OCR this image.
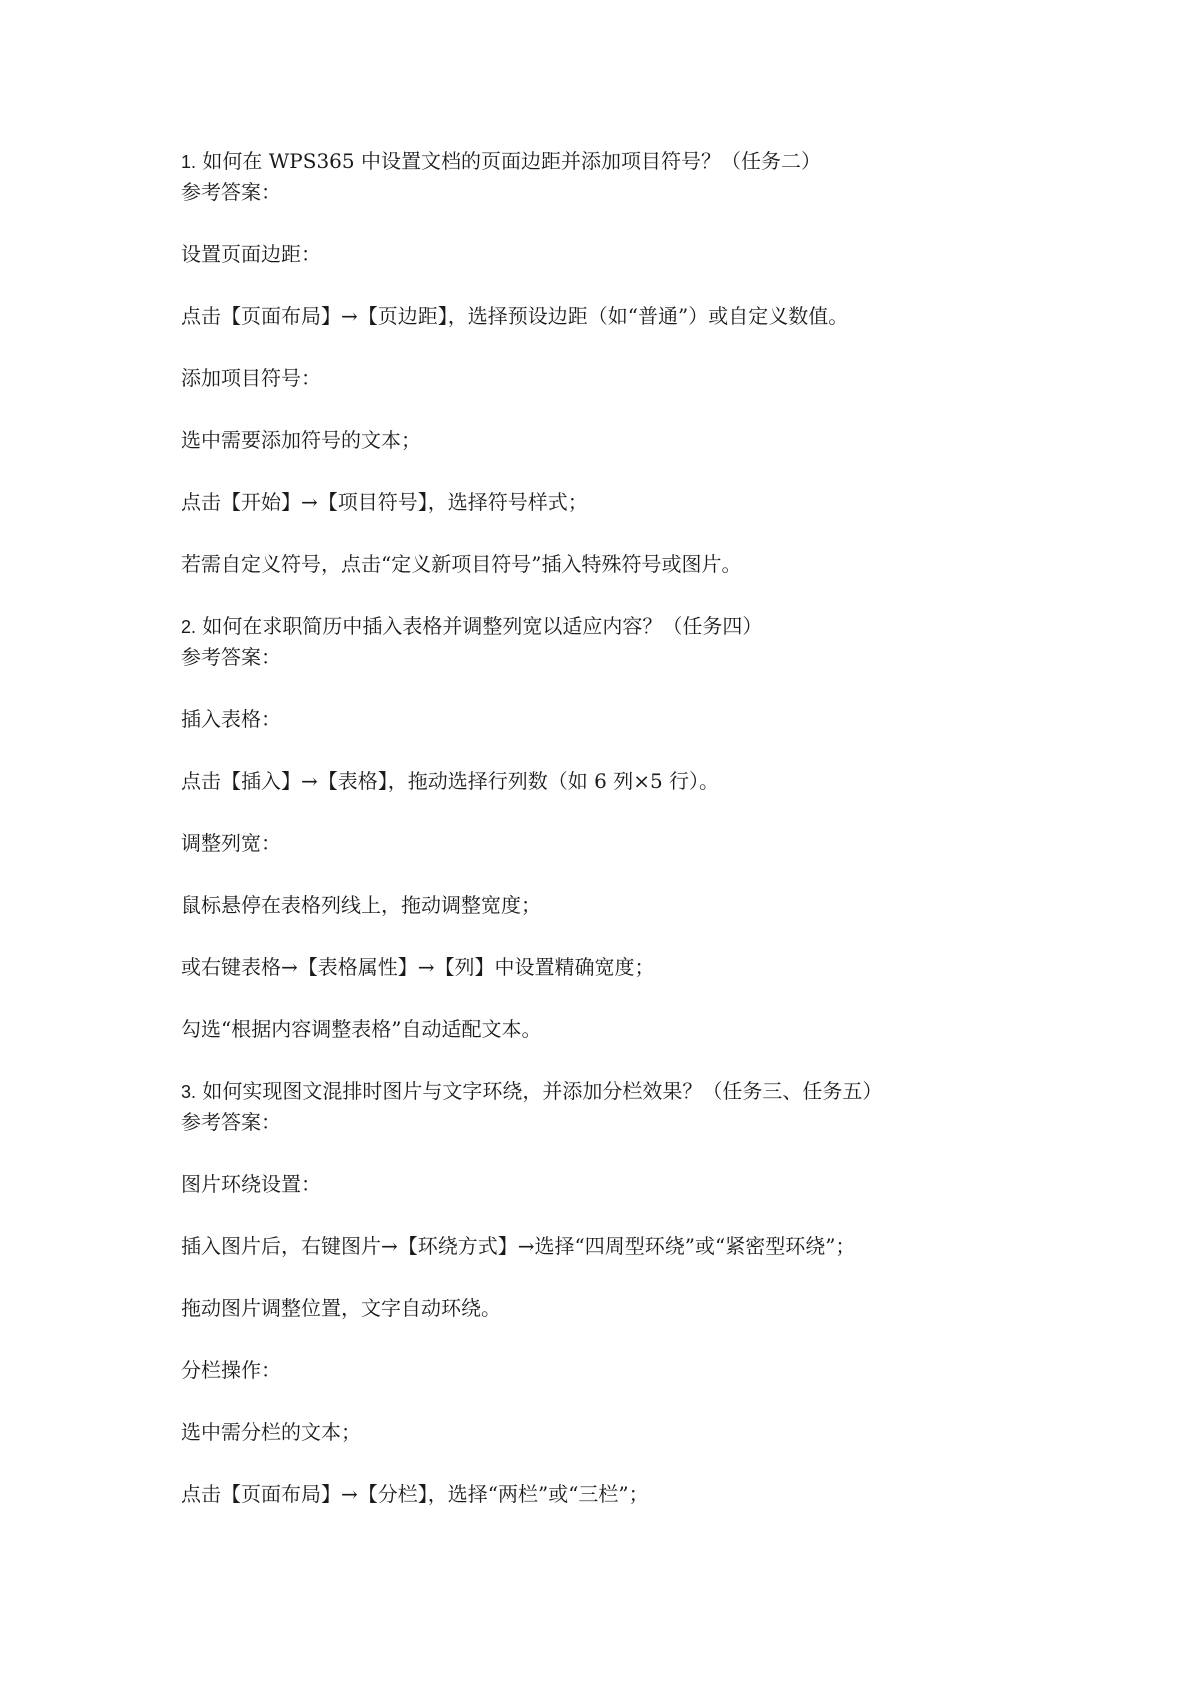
1. 如何在 WPS365 中设置文档的页面边距并添加项目符号？（任务二）
参考答案：
设置页面边距：
点击【页面布局】→【页边距】，选择预设边距（如“普通”）或自定义数值。
添加项目符号：
选中需要添加符号的文本；
点击【开始】→【项目符号】，选择符号样式；
若需自定义符号，点击“定义新项目符号”插入特殊符号或图片。
2. 如何在求职简历中插入表格并调整列宽以适应内容？（任务四）
参考答案：
插入表格：
点击【插入】→【表格】，拖动选择行列数（如 6 列×5 行）。
调整列宽：
鼠标悬停在表格列线上，拖动调整宽度；
或右键表格→【表格属性】→【列】中设置精确宽度；
勾选“根据内容调整表格”自动适配文本。
3. 如何实现图文混排时图片与文字环绕，并添加分栏效果？（任务三、任务五）
参考答案：
图片环绕设置：
插入图片后，右键图片→【环绕方式】→选择“四周型环绕”或“紧密型环绕”；
拖动图片调整位置，文字自动环绕。
分栏操作：
选中需分栏的文本；
点击【页面布局】→【分栏】，选择“两栏”或“三栏”；
